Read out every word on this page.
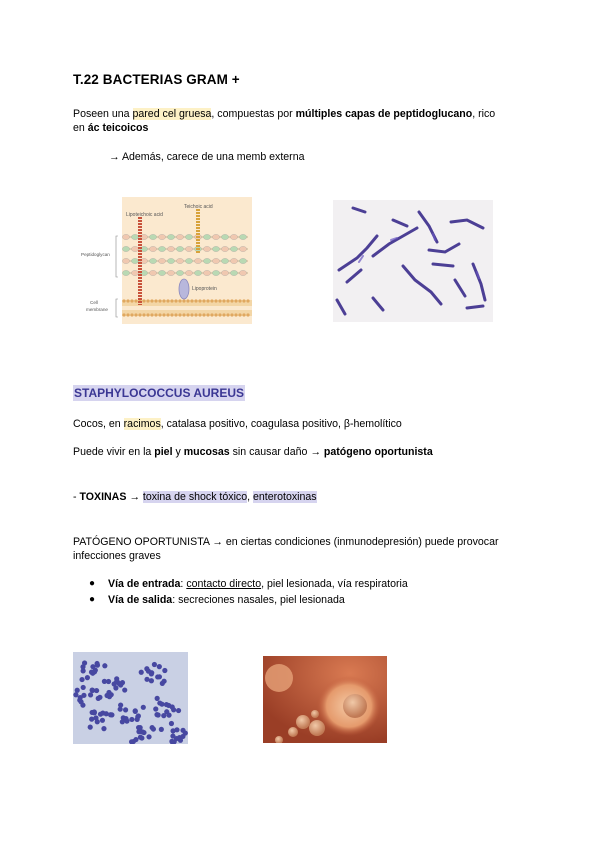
T.22 BACTERIAS GRAM +
Poseen una pared cel gruesa, compuestas por múltiples capas de peptidoglucano, rico
en ác teicoicos
→ Además, carece de una memb externa
Lipoteichoic acid
Teichoic acid
Peptidoglycan
Lipoprotein
Cell
membrane
STAPHYLOCOCCUS AUREUS
Cocos, en racimos, catalasa positivo, coagulasa positivo, β-hemolítico
Puede vivir en la piel y mucosas sin causar daño → patógeno oportunista
- TOXINAS → toxina de shock tóxico, enterotoxinas
PATÓGENO OPORTUNISTA → en ciertas condiciones (inmunodepresión) puede provocar
infecciones graves
● Vía de entrada: contacto directo, piel lesionada, vía respiratoria
● Vía de salida: secreciones nasales, piel lesionada
